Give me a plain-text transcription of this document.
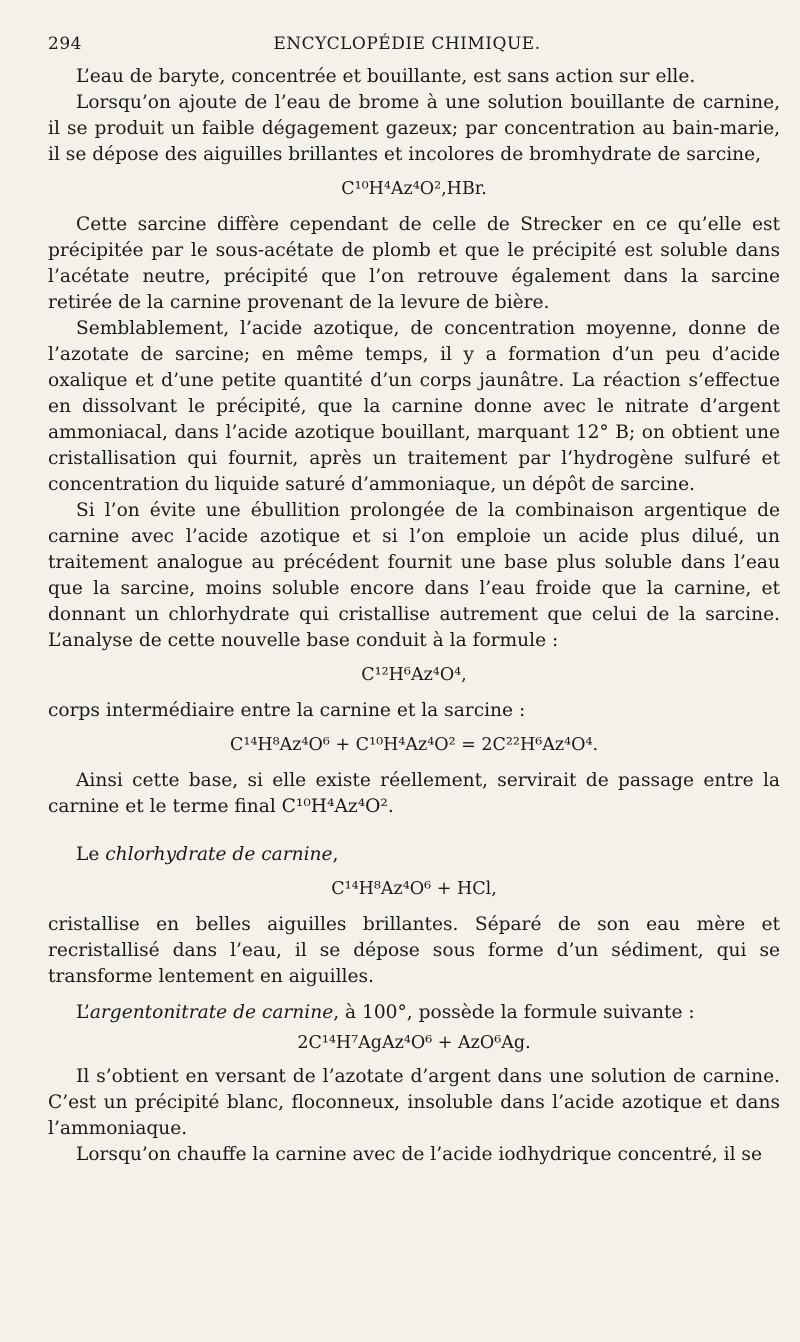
294	ENCYCLOPÉDIE CHIMIQUE.

L’eau de baryte, concentrée et bouillante, est sans action sur elle.

Lorsqu’on ajoute de l’eau de brome à une solution bouillante de carnine, il se produit un faible dégagement gazeux; par concentration au bain-marie, il se dépose des aiguilles brillantes et incolores de bromhydrate de sarcine,

C¹⁰H⁴Az⁴O²,HBr.

Cette sarcine diffère cependant de celle de Strecker en ce qu’elle est précipitée par le sous-acétate de plomb et que le précipité est soluble dans l’acétate neutre, précipité que l’on retrouve également dans la sarcine retirée de la carnine provenant de la levure de bière.

Semblablement, l’acide azotique, de concentration moyenne, donne de l’azotate de sarcine; en même temps, il y a formation d’un peu d’acide oxalique et d’une petite quantité d’un corps jaunâtre. La réaction s’effectue en dissolvant le précipité, que la carnine donne avec le nitrate d’argent ammoniacal, dans l’acide azotique bouillant, marquant 12° B; on obtient une cristallisation qui fournit, après un traitement par l’hydrogène sulfuré et concentration du liquide saturé d’ammoniaque, un dépôt de sarcine.

Si l’on évite une ébullition prolongée de la combinaison argentique de carnine avec l’acide azotique et si l’on emploie un acide plus dilué, un traitement analogue au précédent fournit une base plus soluble dans l’eau que la sarcine, moins soluble encore dans l’eau froide que la carnine, et donnant un chlorhydrate qui cristallise autrement que celui de la sarcine. L’analyse de cette nouvelle base conduit à la formule :

C¹²H⁶Az⁴O⁴,

corps intermédiaire entre la carnine et la sarcine :

C¹⁴H⁸Az⁴O⁶ + C¹⁰H⁴Az⁴O² = 2C²²H⁶Az⁴O⁴.

Ainsi cette base, si elle existe réellement, servirait de passage entre la carnine et le terme final C¹⁰H⁴Az⁴O².

Le chlorhydrate de carnine,

C¹⁴H⁸Az⁴O⁶ + HCl,

cristallise en belles aiguilles brillantes. Séparé de son eau mère et recristallisé dans l’eau, il se dépose sous forme d’un sédiment, qui se transforme lentement en aiguilles.

L’argentonitrate de carnine, à 100°, possède la formule suivante :

2C¹⁴H⁷AgAz⁴O⁶ + AzO⁶Ag.

Il s’obtient en versant de l’azotate d’argent dans une solution de carnine. C’est un précipité blanc, floconneux, insoluble dans l’acide azotique et dans l’ammoniaque.

Lorsqu’on chauffe la carnine avec de l’acide iodhydrique concentré, il se
